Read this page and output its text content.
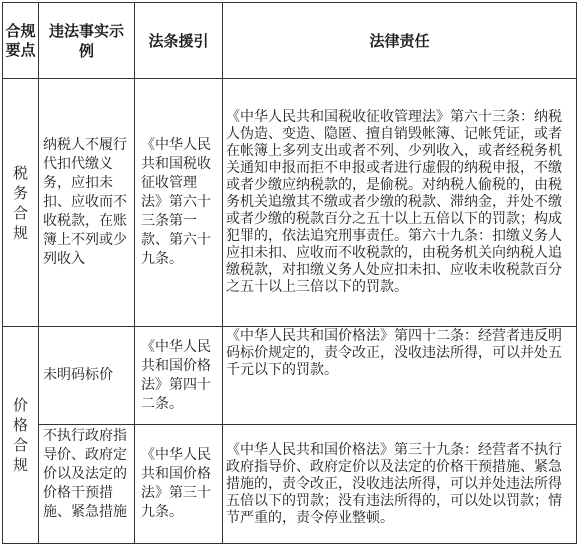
合规要点	违法事实示例	法条援引	法律责任
税务合规	纳税人不履行代扣代缴义务，应扣未扣、应收而不收税款，在账簿上不列或少列收入	《中华人民共和国税收征收管理法》第六十三条第一款、第六十九条。	《中华人民共和国税收征收管理法》第六十三条：纳税人伪造、变造、隐匿、擅自销毁帐簿、记帐凭证，或者在帐簿上多列支出或者不列、少列收入，或者经税务机关通知申报而拒不申报或者进行虚假的纳税申报，不缴或者少缴应纳税款的，是偷税。对纳税人偷税的，由税务机关追缴其不缴或者少缴的税款、滞纳金，并处不缴或者少缴的税款百分之五十以上五倍以下的罚款；构成犯罪的，依法追究刑事责任。第六十九条：扣缴义务人应扣未扣、应收而不收税款的，由税务机关向纳税人追缴税款，对扣缴义务人处应扣未扣、应收未收税款百分之五十以上三倍以下的罚款。

价格合规	未明码标价	《中华人民共和国价格法》第四十二条。	《中华人民共和国价格法》第四十二条：经营者违反明码标价规定的，责令改正，没收违法所得，可以并处五千元以下的罚款。

	不执行政府指导价、政府定价以及法定的价格干预措施、紧急措施	《中华人民共和国价格法》第三十九条。	《中华人民共和国价格法》第三十九条：经营者不执行政府指导价、政府定价以及法定的价格干预措施、紧急措施的，责令改正，没收违法所得，可以并处违法所得五倍以下的罚款；没有违法所得的，可以处以罚款；情节严重的，责令停业整顿。
